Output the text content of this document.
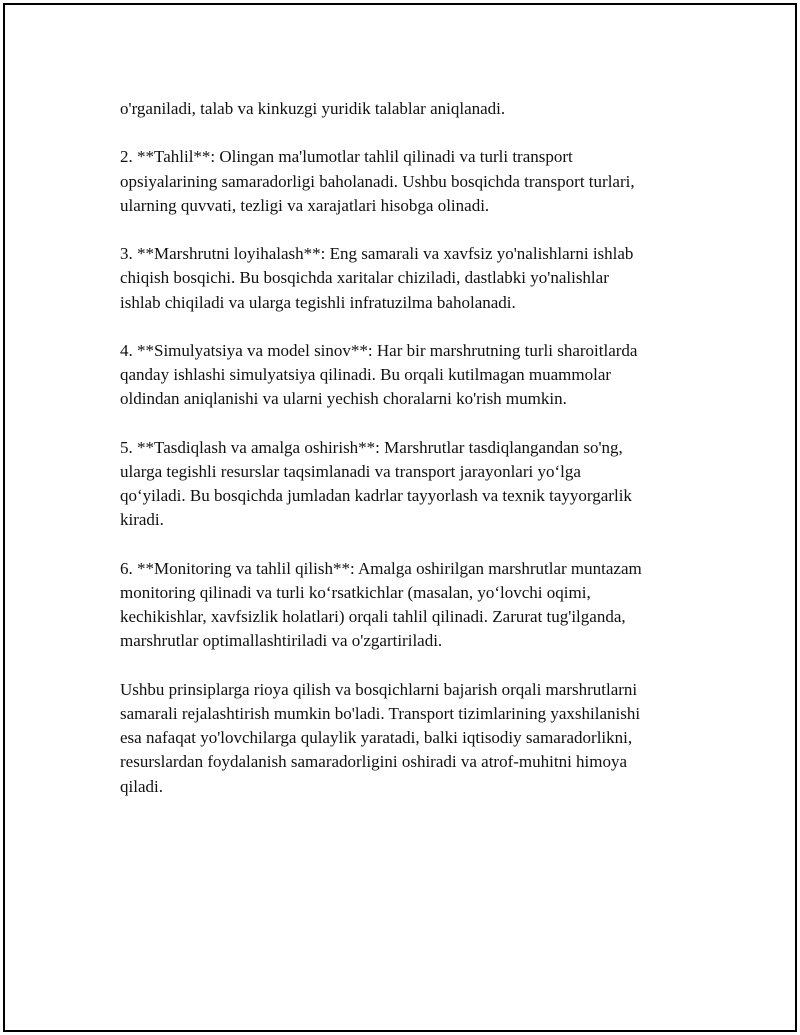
o'rganiladi, talab va kinkuzgi yuridik talablar aniqlanadi.

2. **Tahlil**: Olingan ma'lumotlar tahlil qilinadi va turli transport
opsiyalarining samaradorligi baholanadi. Ushbu bosqichda transport turlari,
ularning quvvati, tezligi va xarajatlari hisobga olinadi.

3. **Marshrutni loyihalash**: Eng samarali va xavfsiz yo'nalishlarni ishlab
chiqish bosqichi. Bu bosqichda xaritalar chiziladi, dastlabki yo'nalishlar
ishlab chiqiladi va ularga tegishli infratuzilma baholanadi.

4. **Simulyatsiya va model sinov**: Har bir marshrutning turli sharoitlarda
qanday ishlashi simulyatsiya qilinadi. Bu orqali kutilmagan muammolar
oldindan aniqlanishi va ularni yechish choralarni ko'rish mumkin.

5. **Tasdiqlash va amalga oshirish**: Marshrutlar tasdiqlangandan so'ng,
ularga tegishli resurslar taqsimlanadi va transport jarayonlari yo‘lga
qo‘yiladi. Bu bosqichda jumladan kadrlar tayyorlash va texnik tayyorgarlik
kiradi.

6. **Monitoring va tahlil qilish**: Amalga oshirilgan marshrutlar muntazam
monitoring qilinadi va turli ko‘rsatkichlar (masalan, yo‘lovchi oqimi,
kechikishlar, xavfsizlik holatlari) orqali tahlil qilinadi. Zarurat tug'ilganda,
marshrutlar optimallashtiriladi va o'zgartiriladi.

Ushbu prinsiplarga rioya qilish va bosqichlarni bajarish orqali marshrutlarni
samarali rejalashtirish mumkin bo'ladi. Transport tizimlarining yaxshilanishi
esa nafaqat yo'lovchilarga qulaylik yaratadi, balki iqtisodiy samaradorlikni,
resurslardan foydalanish samaradorligini oshiradi va atrof-muhitni himoya
qiladi.
